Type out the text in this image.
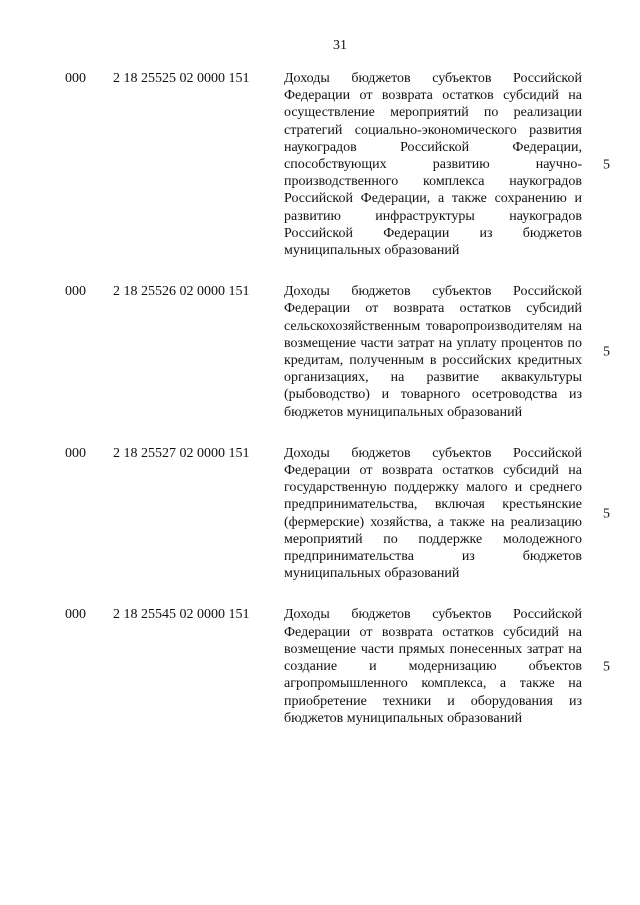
31
000 2 18 25525 02 0000 151 Доходы бюджетов субъектов Российской Федерации от возврата остатков субсидий на осуществление мероприятий по реализации стратегий социально-экономического развития наукоградов Российской Федерации, способствующих развитию научно-производственного комплекса наукоградов Российской Федерации, а также сохранению и развитию инфраструктуры наукоградов Российской Федерации из бюджетов муниципальных образований
5
000 2 18 25526 02 0000 151 Доходы бюджетов субъектов Российской Федерации от возврата остатков субсидий сельскохозяйственным товаропроизводителям на возмещение части затрат на уплату процентов по кредитам, полученным в российских кредитных организациях, на развитие аквакультуры (рыбоводство) и товарного осетроводства из бюджетов муниципальных образований
5
000 2 18 25527 02 0000 151 Доходы бюджетов субъектов Российской Федерации от возврата остатков субсидий на государственную поддержку малого и среднего предпринимательства, включая крестьянские (фермерские) хозяйства, а также на реализацию мероприятий по поддержке молодежного предпринимательства из бюджетов муниципальных образований
5
000 2 18 25545 02 0000 151 Доходы бюджетов субъектов Российской Федерации от возврата остатков субсидий на возмещение части прямых понесенных затрат на создание и модернизацию объектов агропромышленного комплекса, а также на приобретение техники и оборудования из бюджетов муниципальных образований
5
